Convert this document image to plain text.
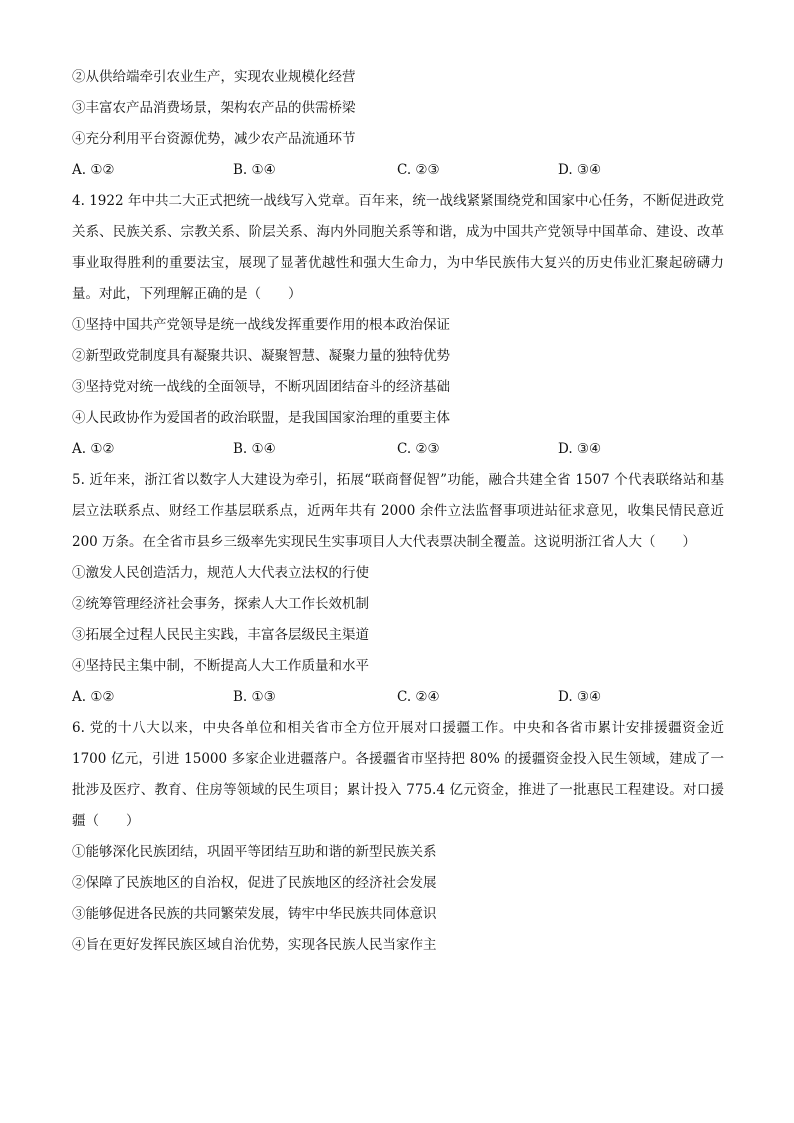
②从供给端牵引农业生产，实现农业规模化经营
③丰富农产品消费场景，架构农产品的供需桥梁
④充分利用平台资源优势，减少农产品流通环节
A. ①②	B. ①④	C. ②③	D. ③④
4. 1922 年中共二大正式把统一战线写入党章。百年来，统一战线紧紧围绕党和国家中心任务，不断促进政党关系、民族关系、宗教关系、阶层关系、海内外同胞关系等和谐，成为中国共产党领导中国革命、建设、改革事业取得胜利的重要法宝，展现了显著优越性和强大生命力，为中华民族伟大复兴的历史伟业汇聚起磅礴力量。对此，下列理解正确的是（　　）
①坚持中国共产党领导是统一战线发挥重要作用的根本政治保证
②新型政党制度具有凝聚共识、凝聚智慧、凝聚力量的独特优势
③坚持党对统一战线的全面领导，不断巩固团结奋斗的经济基础
④人民政协作为爱国者的政治联盟，是我国国家治理的重要主体
A. ①②	B. ①④	C. ②③	D. ③④
5. 近年来，浙江省以数字人大建设为牵引，拓展“联商督促智”功能，融合共建全省 1507 个代表联络站和基层立法联系点、财经工作基层联系点，近两年共有 2000 余件立法监督事项进站征求意见，收集民情民意近 200 万条。在全省市县乡三级率先实现民生实事项目人大代表票决制全覆盖。这说明浙江省人大（　　）
①激发人民创造活力，规范人大代表立法权的行使
②统筹管理经济社会事务，探索人大工作长效机制
③拓展全过程人民民主实践，丰富各层级民主渠道
④坚持民主集中制，不断提高人大工作质量和水平
A. ①②	B. ①③	C. ②④	D. ③④
6. 党的十八大以来，中央各单位和相关省市全方位开展对口援疆工作。中央和各省市累计安排援疆资金近 1700 亿元，引进 15000 多家企业进疆落户。各援疆省市坚持把 80% 的援疆资金投入民生领域，建成了一批涉及医疗、教育、住房等领域的民生项目；累计投入 775.4 亿元资金，推进了一批惠民工程建设。对口援疆（　　）
①能够深化民族团结，巩固平等团结互助和谐的新型民族关系
②保障了民族地区的自治权，促进了民族地区的经济社会发展
③能够促进各民族的共同繁荣发展，铸牢中华民族共同体意识
④旨在更好发挥民族区域自治优势，实现各民族人民当家作主
